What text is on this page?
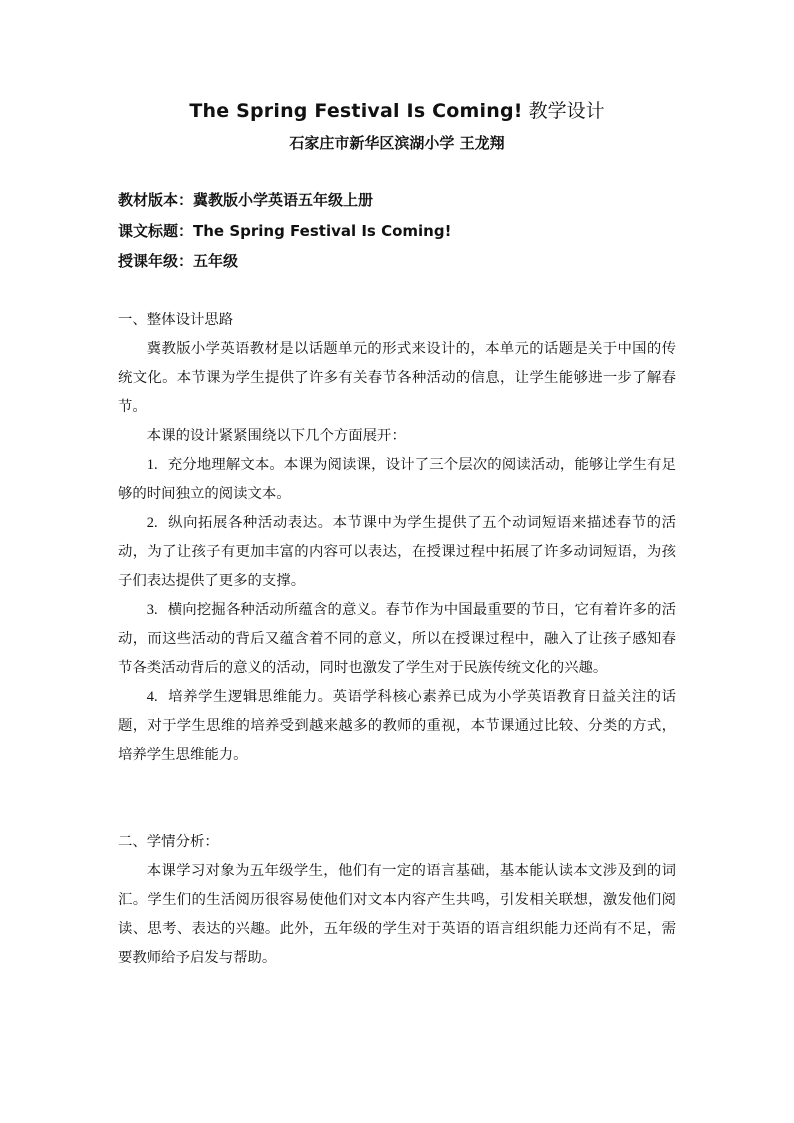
The Spring Festival Is Coming! 教学设计
石家庄市新华区滨湖小学 王龙翔
教材版本：冀教版小学英语五年级上册
课文标题：The Spring Festival Is Coming!
授课年级：五年级
一、整体设计思路

冀教版小学英语教材是以话题单元的形式来设计的，本单元的话题是关于中国的传统文化。本节课为学生提供了许多有关春节各种活动的信息，让学生能够进一步了解春节。

本课的设计紧紧围绕以下几个方面展开：

1. 充分地理解文本。本课为阅读课，设计了三个层次的阅读活动，能够让学生有足够的时间独立的阅读文本。

2. 纵向拓展各种活动表达。本节课中为学生提供了五个动词短语来描述春节的活动，为了让孩子有更加丰富的内容可以表达，在授课过程中拓展了许多动词短语，为孩子们表达提供了更多的支撑。

3. 横向挖掘各种活动所蕴含的意义。春节作为中国最重要的节日，它有着许多的活动，而这些活动的背后又蕴含着不同的意义，所以在授课过程中，融入了让孩子感知春节各类活动背后的意义的活动，同时也激发了学生对于民族传统文化的兴趣。

4. 培养学生逻辑思维能力。英语学科核心素养已成为小学英语教育日益关注的话题，对于学生思维的培养受到越来越多的教师的重视，本节课通过比较、分类的方式，培养学生思维能力。

二、学情分析：

本课学习对象为五年级学生，他们有一定的语言基础，基本能认读本文涉及到的词汇。学生们的生活阅历很容易使他们对文本内容产生共鸣，引发相关联想，激发他们阅读、思考、表达的兴趣。此外，五年级的学生对于英语的语言组织能力还尚有不足，需要教师给予启发与帮助。
